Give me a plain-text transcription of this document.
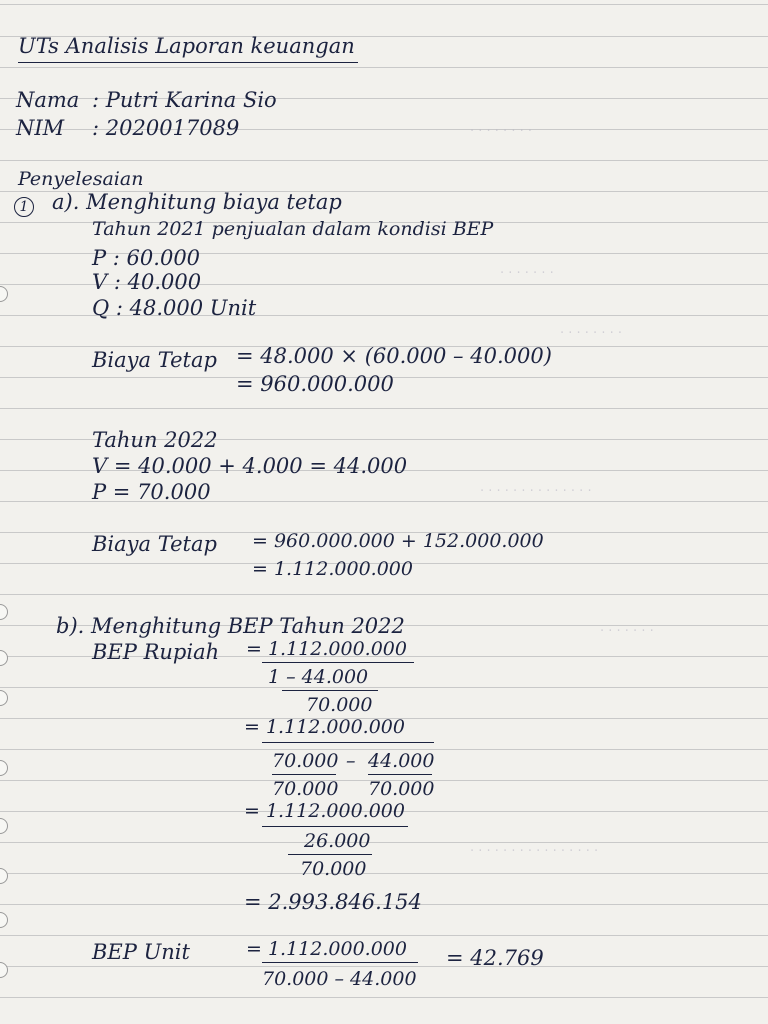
. . . . . . . .
. . . . . . .
. . . . . . . .
. . . . . . . . . . . . . .
. . . . . . .
. . . . . . . . . . . . . . . .
UTs Analisis Laporan keuangan
Nama : Putri Karina Sio
NIM : 2020017089
Penyelesaian
1 a). Menghitung biaya tetap
Tahun 2021 penjualan dalam kondisi BEP
P : 60.000
V : 40.000
Q : 48.000 Unit
Biaya Tetap = 48.000 × (60.000 – 40.000)
= 960.000.000
Tahun 2022
V = 40.000 + 4.000 = 44.000
P = 70.000
Biaya Tetap = 960.000.000 + 152.000.000
= 1.112.000.000
b). Menghitung BEP Tahun 2022
BEP Rupiah = 1.112.000.000
1 – 44.000
70.000
= 1.112.000.000
70.000 – 44.000
70.000 70.000
= 1.112.000.000
26.000
70.000
= 2.993.846.154
BEP Unit	= 1.112.000.000
70.000 – 44.000
= 42.769
